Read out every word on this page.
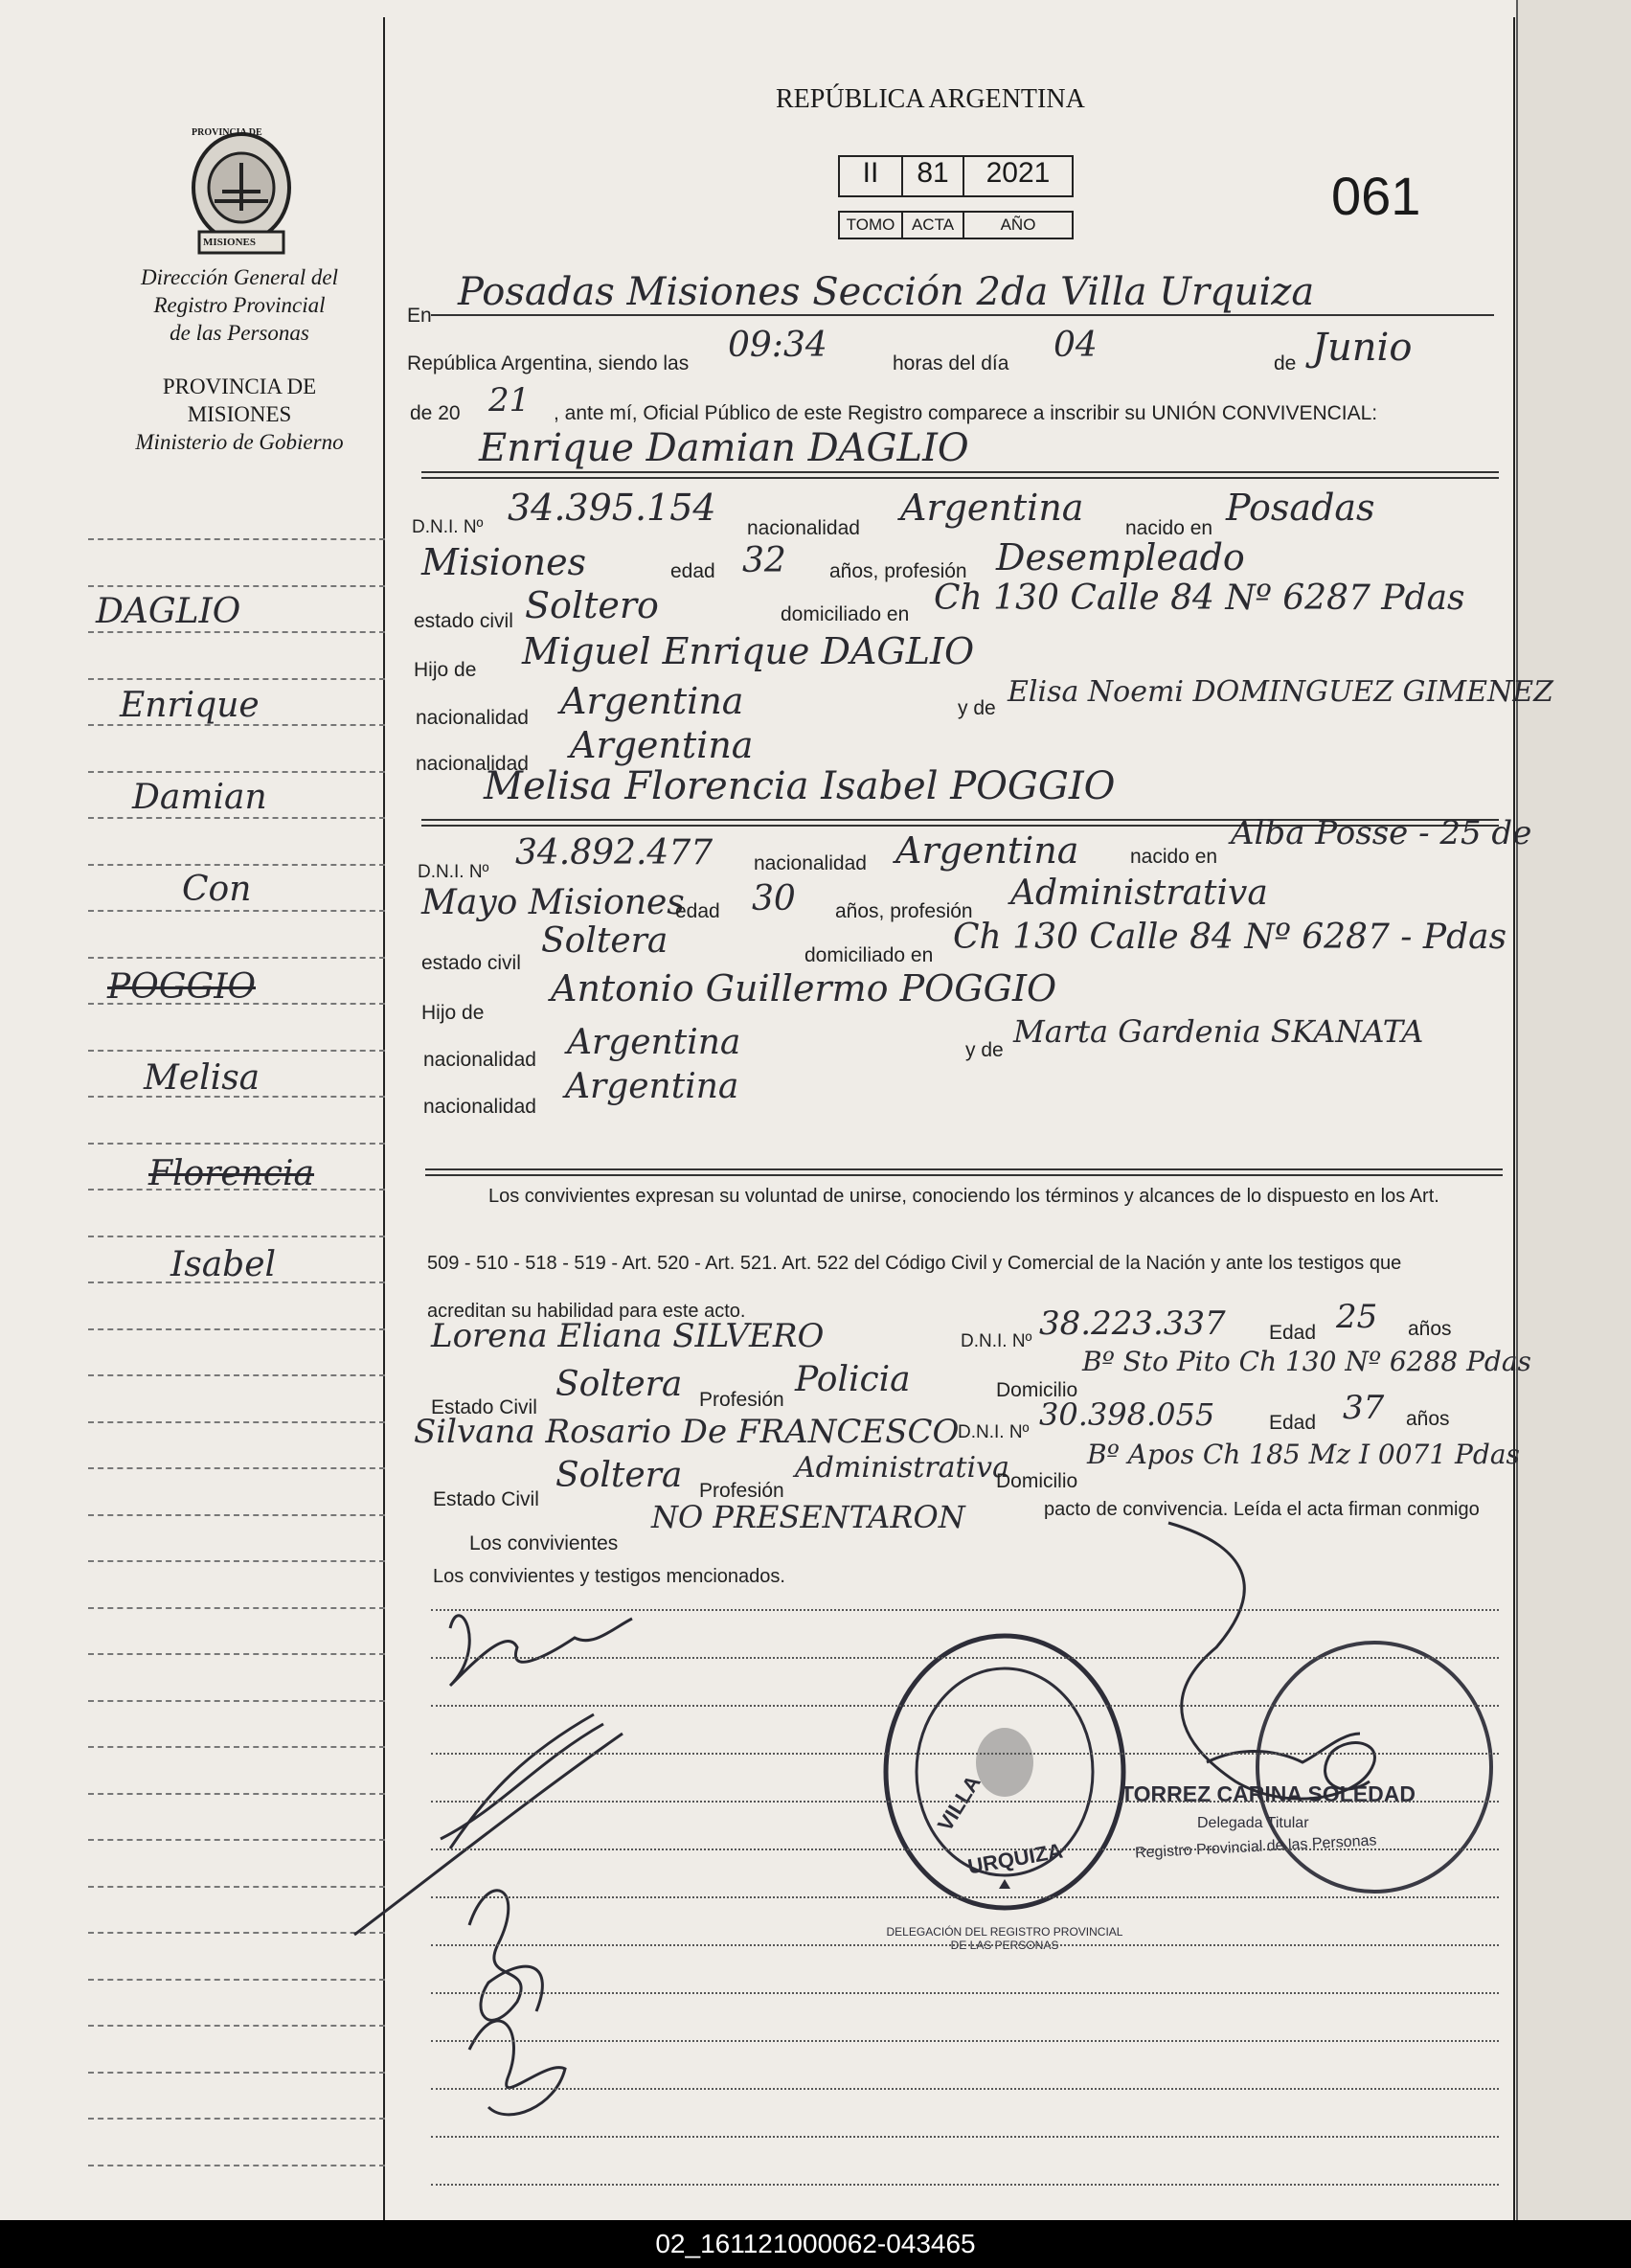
PROVINCIA DE
MISIONES
Dirección General del
Registro Provincial
de las Personas
PROVINCIA DE
MISIONES
Ministerio de Gobierno
DAGLIO
Enrique
Damian
Con
POGGIO
Melisa
Florencia
Isabel
REPÚBLICA ARGENTINA
II	81	2021
TOMO	ACTA	AÑO	061
En
Posadas Misiones Sección 2da Villa Urquiza
República Argentina, siendo las 09:34	horas del día 04	de Junio
de 20 21 , ante mí, Oficial Público de este Registro comparece a inscribir su UNIÓN CONVIVENCIAL:
Enrique Damian DAGLIO
D.N.I. Nº 34.395.154 nacionalidad Argentina nacido en Posadas
Misiones	edad 32 años, profesión Desempleado
estado civil Soltero	domiciliado en Ch 130 Calle 84 Nº 6287 Pdas
Hijo de Miguel Enrique DAGLIO
nacionalidad Argentina	y de Elisa Noemi DOMINGUEZ GIMENEZ
nacionalidad Argentina
Melisa Florencia Isabel POGGIO
D.N.I. Nº 34.892.477 nacionalidad Argentina	nacido en
Alba Posse - 25 de
Mayo Misiones
edad 30 años, profesión Administrativa
estado civil
Soltera	domiciliado en Ch 130 Calle 84 Nº 6287 - Pdas
Hijo de
Antonio Guillermo POGGIO
nacionalidad Argentina	y de
Marta Gardenia SKANATA
nacionalidad
Argentina
Los convivientes expresan su voluntad de unirse, conociendo los términos y alcances de lo dispuesto en los Art.
509 - 510 - 518 - 519 - Art. 520 - Art. 521. Art. 522 del Código Civil y Comercial de la Nación y ante los testigos que
acreditan su habilidad para este acto.
Lorena Eliana SILVERO	D.N.I. Nº 38.223.337 Edad 25 años
Estado Civil
Soltera Profesión
Policia	Domicilio
Bº Sto Pito Ch 130 Nº 6288 Pdas
Silvana Rosario De FRANCESCO
D.N.I. Nº 30.398.055	Edad 37 años
Estado Civil
Soltera Profesión
Administrativa
Domicilio
Bº Apos Ch 185 Mz I 0071 Pdas
Los convivientes
NO PRESENTARON	pacto de convivencia. Leída el acta firman conmigo
Los convivientes y testigos mencionados.
VILLA
URQUIZA
DELEGACIÓN DEL REGISTRO PROVINCIAL DE LAS PERSONAS
TORREZ CARINA SOLEDAD
Delegada Titular
Registro Provincial de las Personas
02_161121000062-043465
